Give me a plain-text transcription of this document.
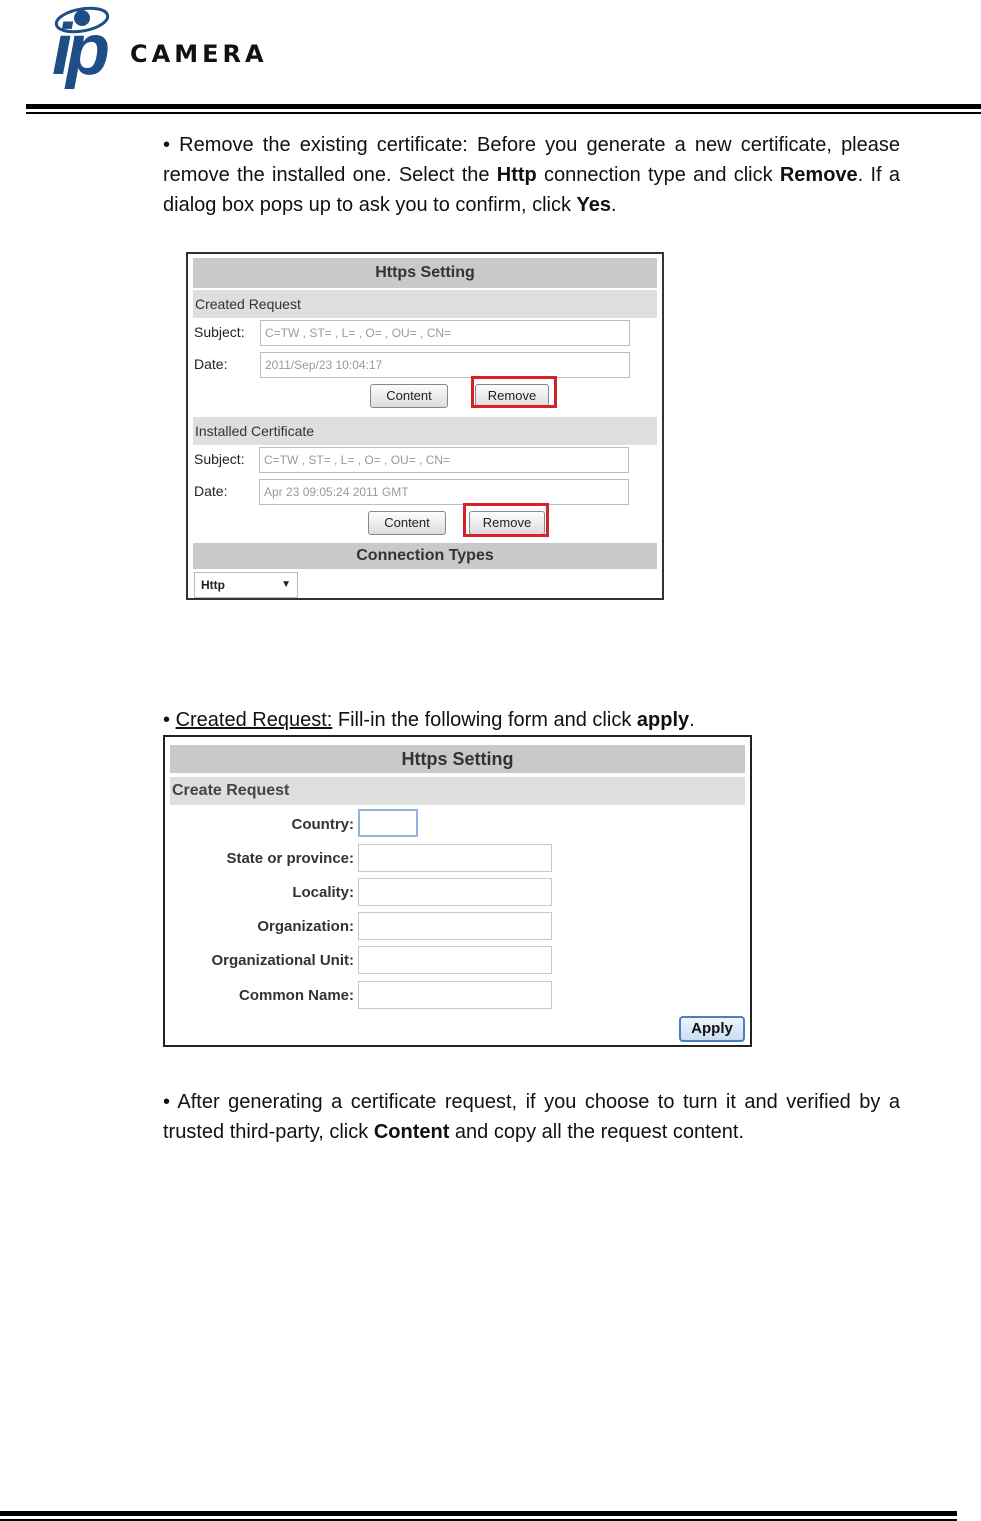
ip CAMERA
• Remove the existing certificate: Before you generate a new certificate, please remove the installed one. Select the Http connection type and click Remove. If a dialog box pops up to ask you to confirm, click Yes.
Https Setting
Created Request
Subject:	C=TW , ST= , L= , O= , OU= , CN=
Date:	2011/Sep/23 10:04:17
Content	Remove
Installed Certificate
Subject:	C=TW , ST= , L= , O= , OU= , CN=
Date:	Apr 23 09:05:24 2011 GMT
Content	Remove
Connection Types
Http	▼
• Created Request: Fill-in the following form and click apply.
Https Setting
Create Request
Country:
State or province:
Locality:
Organization:
Organizational Unit:
Common Name:
Apply
• After generating a certificate request, if you choose to turn it and verified by a trusted third-party, click Content and copy all the request content.
